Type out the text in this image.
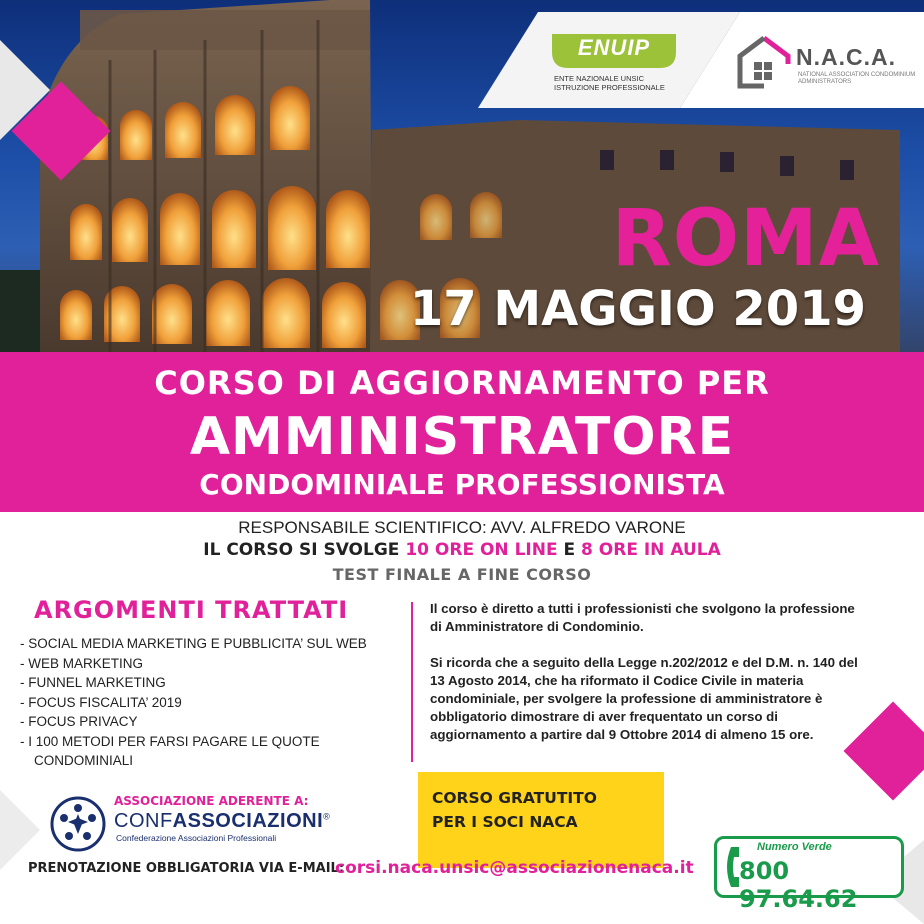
ENUIP
ENTE NAZIONALE UNSIC ISTRUZIONE PROFESSIONALE
N.A.C.A.
NATIONAL ASSOCIATION CONDOMINIUM ADMINISTRATORS
ROMA
17 MAGGIO 2019
CORSO DI AGGIORNAMENTO PER
AMMINISTRATORE
CONDOMINIALE PROFESSIONISTA
RESPONSABILE SCIENTIFICO: AVV. ALFREDO VARONE
IL CORSO SI SVOLGE 10 ORE ON LINE E 8 ORE IN AULA
TEST FINALE A FINE CORSO
ARGOMENTI TRATTATI
- SOCIAL MEDIA MARKETING E PUBBLICITA’ SUL WEB
- WEB MARKETING
- FUNNEL MARKETING
- FOCUS FISCALITA’ 2019
- FOCUS PRIVACY
- I 100 METODI PER FARSI PAGARE LE QUOTE CONDOMINIALI

Il corso è diretto a tutti i professionisti che svolgono la professione di Amministratore di Condominio.

Si ricorda che a seguito della Legge n.202/2012 e del D.M. n. 140 del 13 Agosto 2014, che ha riformato il Codice Civile in materia condominiale, per svolgere la professione di amministratore è obbligatorio dimostrare di aver frequentato un corso di aggiornamento a partire dal 9 Ottobre 2014 di almeno 15 ore.

CORSO GRATUTITO
PER I SOCI NACA
ASSOCIAZIONE ADERENTE A:
CONFASSOCIAZIONI®
Confederazione Associazioni Professionali
PRENOTAZIONE OBBLIGATORIA VIA E-MAIL:
corsi.naca.unsic@associazionenaca.it
Numero Verde
800 97.64.62
